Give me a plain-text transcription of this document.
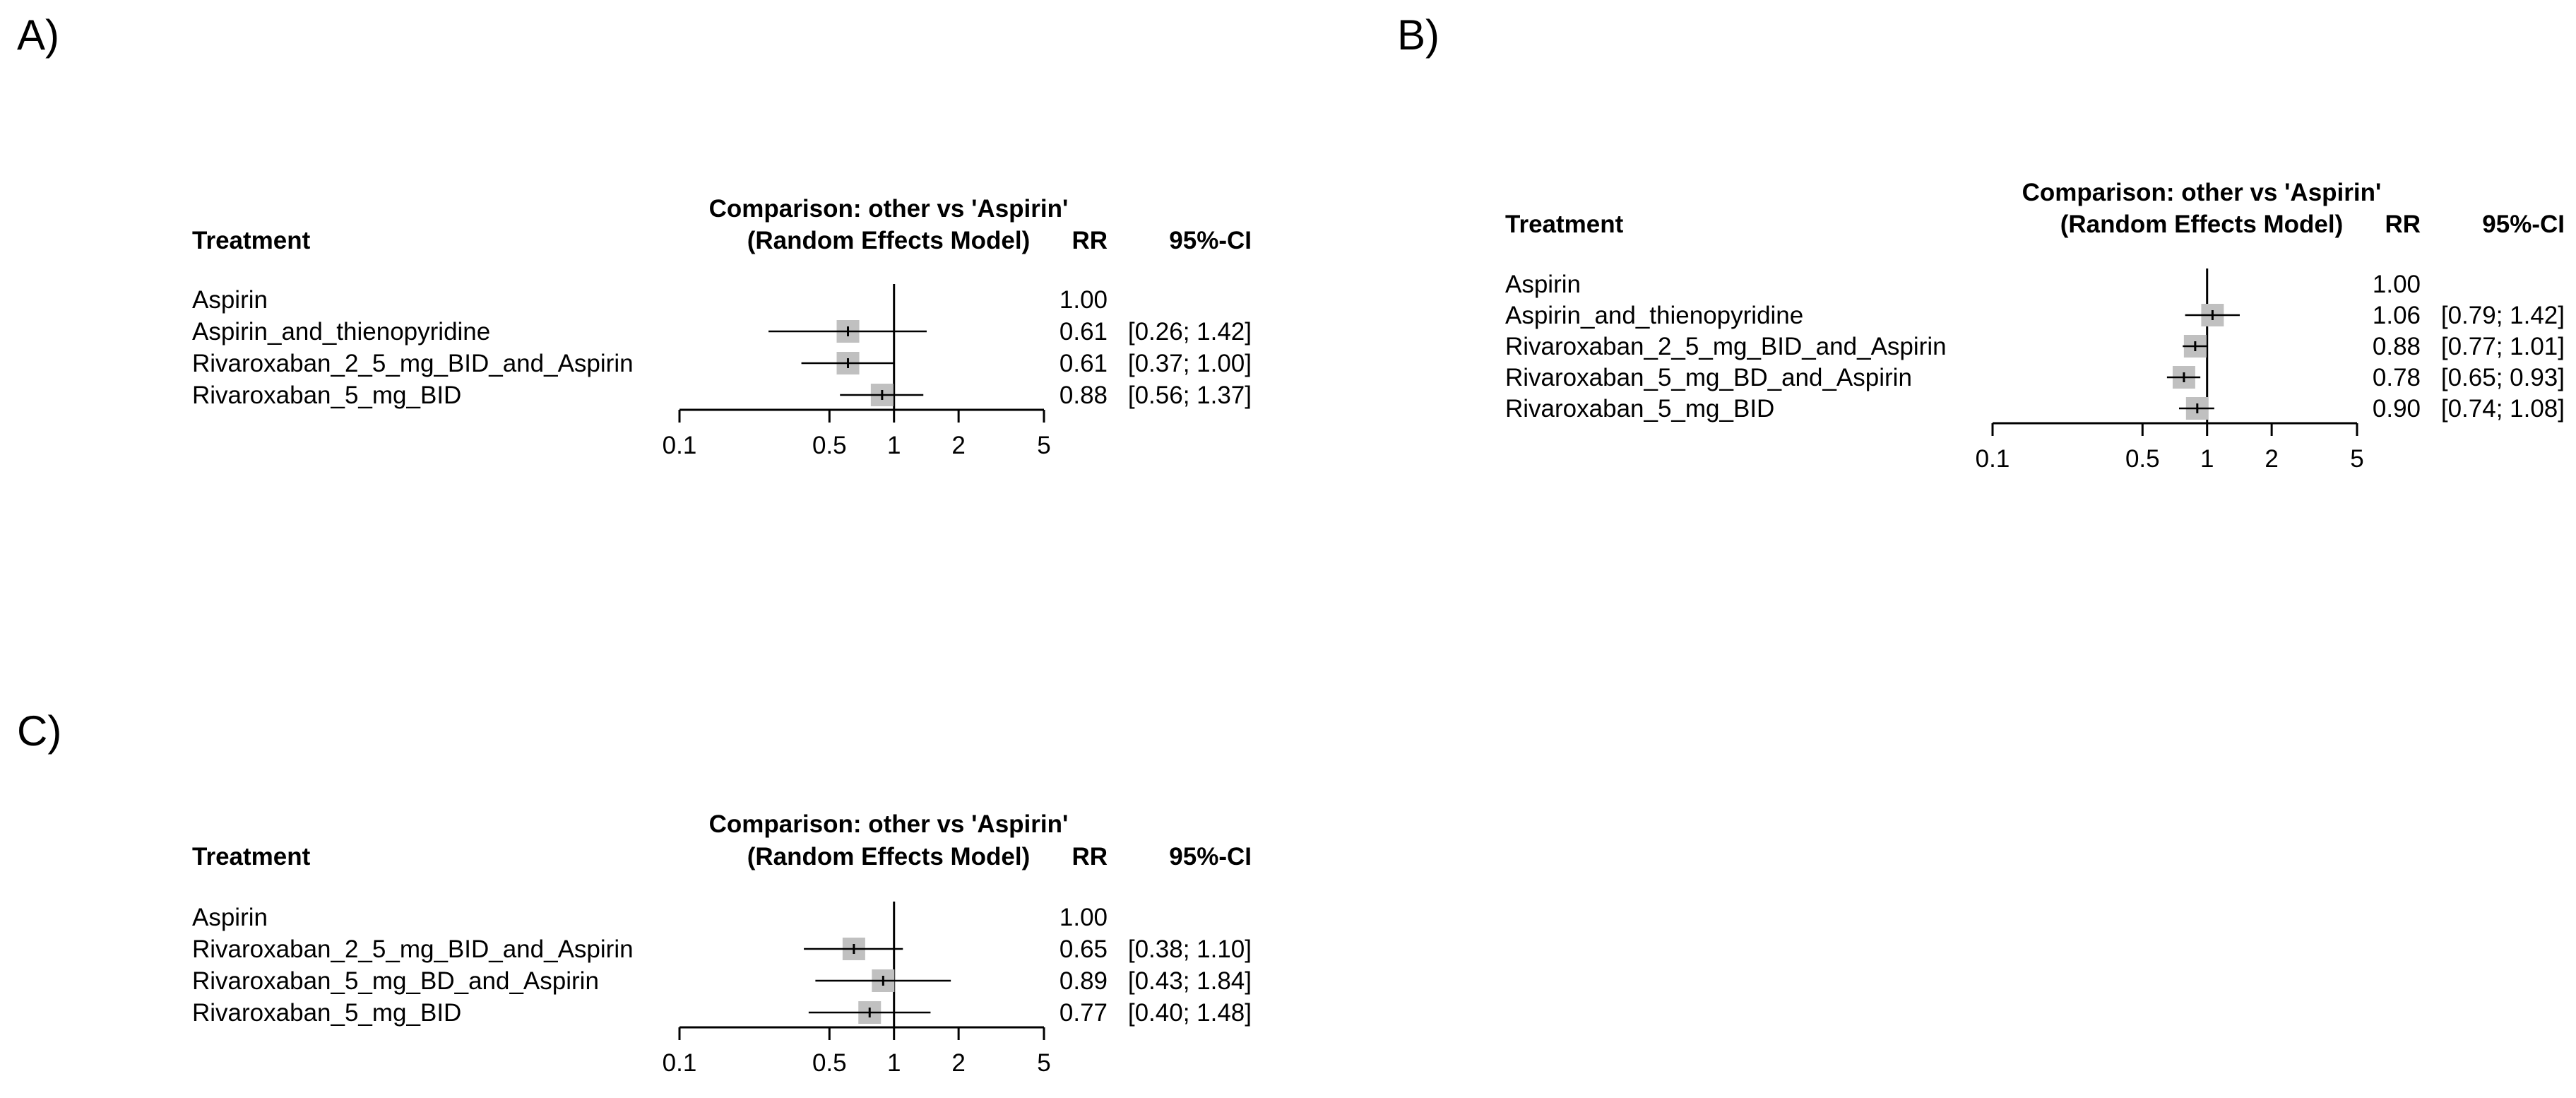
A)
Treatment
Comparison: other vs 'Aspirin'
(Random Effects Model) RR 95%-CI
0.1	0.5 1 2	5
Aspirin	1.00
Aspirin_and_thienopyridine	0.61 [0.26; 1.42]
Rivaroxaban_2_5_mg_BID_and_Aspirin	0.61 [0.37; 1.00]
Rivaroxaban_5_mg_BID	0.88 [0.56; 1.37]
B)
Treatment
Comparison: other vs 'Aspirin'
(Random Effects Model) RR 95%-CI
0.1	0.5 1 2	5
Aspirin	1.00
Aspirin_and_thienopyridine	1.06 [0.79; 1.42]
Rivaroxaban_2_5_mg_BID_and_Aspirin	0.88 [0.77; 1.01]
Rivaroxaban_5_mg_BD_and_Aspirin	0.78 [0.65; 0.93]
Rivaroxaban_5_mg_BID	0.90 [0.74; 1.08]
C)
Treatment
Comparison: other vs 'Aspirin'
(Random Effects Model) RR 95%-CI
0.1	0.5 1 2	5
Aspirin	1.00
Rivaroxaban_2_5_mg_BID_and_Aspirin	0.65 [0.38; 1.10]
Rivaroxaban_5_mg_BD_and_Aspirin	0.89 [0.43; 1.84]
Rivaroxaban_5_mg_BID	0.77 [0.40; 1.48]
